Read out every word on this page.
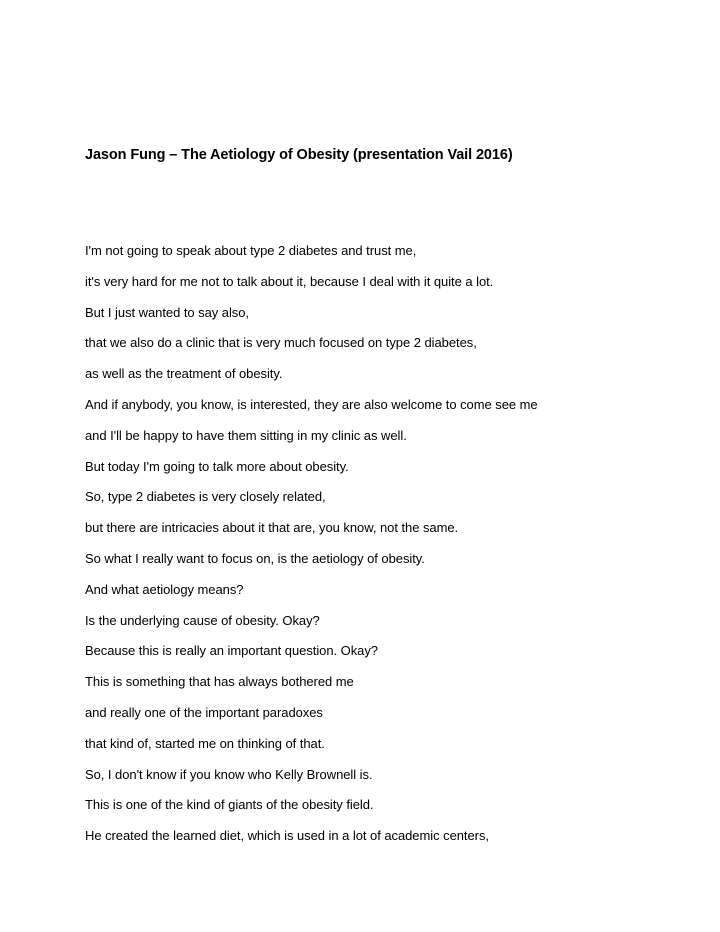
Jason Fung – The Aetiology of Obesity (presentation Vail 2016)
I'm not going to speak about type 2 diabetes and trust me,
it's very hard for me not to talk about it, because I deal with it quite a lot.
But I just wanted to say also,
that we also do a clinic that is very much focused on type 2 diabetes,
as well as the treatment of obesity.
And if anybody, you know, is interested, they are also welcome to come see me
and I'll be happy to have them sitting in my clinic as well.
But today I'm going to talk more about obesity.
So, type 2 diabetes is very closely related,
but there are intricacies about it that are, you know, not the same.
So what I really want to focus on, is the aetiology of obesity.
And what aetiology means?
Is the underlying cause of obesity. Okay?
Because this is really an important question. Okay?
This is something that has always bothered me
and really one of the important paradoxes
that kind of, started me on thinking of that.
So, I don't know if you know who Kelly Brownell is.
This is one of the kind of giants of the obesity field.
He created the learned diet, which is used in a lot of academic centers,
